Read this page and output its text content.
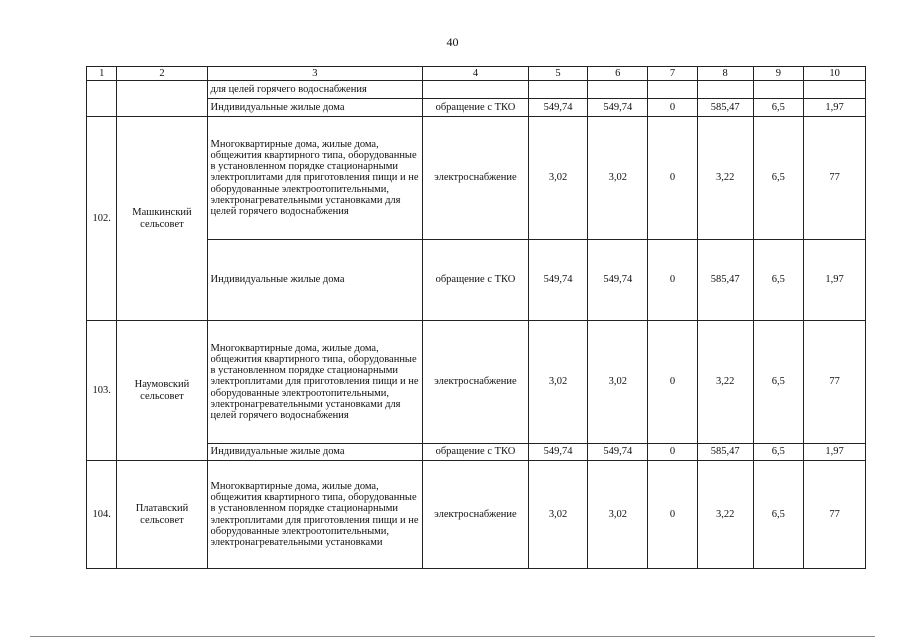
40
1	2	3	4	5	6	7	8	9	10
		для целей горячего водоснабжения							
		Индивидуальные жилые дома	обращение с ТКО	549,74	549,74	0	585,47	6,5	1,97
102.	Машкинский сельсовет	Многоквартирные дома, жилые дома, общежития квартирного типа, оборудованные в установленном порядке стационарными электроплитами для приготовления пищи и не оборудованные электроотопительными, электронагревательными установками для целей горячего водоснабжения	электроснабжение	3,02	3,02	0	3,22	6,5	77
		Индивидуальные жилые дома	обращение с ТКО	549,74	549,74	0	585,47	6,5	1,97
103.	Наумовский сельсовет	Многоквартирные дома, жилые дома, общежития квартирного типа, оборудованные в установленном порядке стационарными электроплитами для приготовления пищи и не оборудованные электроотопительными, электронагревательными установками для целей горячего водоснабжения	электроснабжение	3,02	3,02	0	3,22	6,5	77
		Индивидуальные жилые дома	обращение с ТКО	549,74	549,74	0	585,47	6,5	1,97
104.	Платавский сельсовет	Многоквартирные дома, жилые дома, общежития квартирного типа, оборудованные в установленном порядке стационарными электроплитами для приготовления пищи и не оборудованные электроотопительными, электронагревательными установками	электроснабжение	3,02	3,02	0	3,22	6,5	77
